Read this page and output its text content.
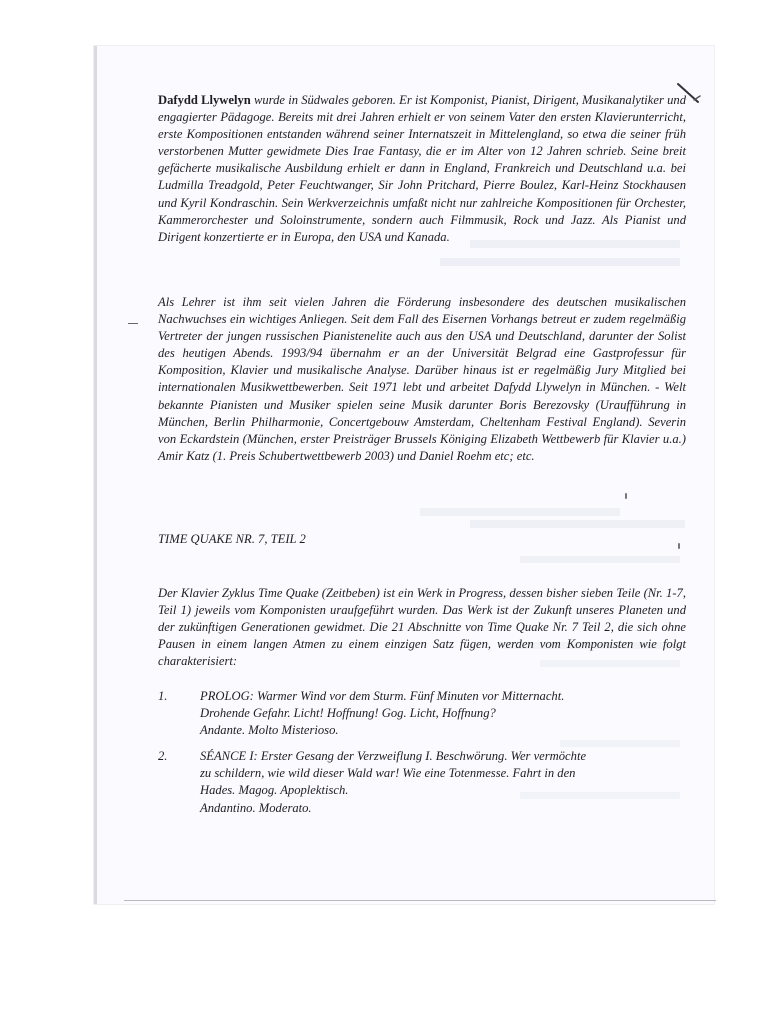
Dafydd Llywelyn wurde in Südwales geboren. Er ist Komponist, Pianist, Dirigent, Musikanalytiker und engagierter Pädagoge. Bereits mit drei Jahren erhielt er von seinem Vater den ersten Klavierunterricht, erste Kompositionen entstanden während seiner Internatszeit in Mittelengland, so etwa die seiner früh verstorbenen Mutter gewidmete Dies Irae Fantasy, die er im Alter von 12 Jahren schrieb. Seine breit gefächerte musikalische Ausbildung erhielt er dann in England, Frankreich und Deutschland u.a. bei Ludmilla Treadgold, Peter Feuchtwanger, Sir John Pritchard, Pierre Boulez, Karl-Heinz Stockhausen und Kyril Kondraschin. Sein Werkverzeichnis umfaßt nicht nur zahlreiche Kompositionen für Orchester, Kammerorchester und Soloinstrumente, sondern auch Filmmusik, Rock und Jazz. Als Pianist und Dirigent konzertierte er in Europa, den USA und Kanada.

Als Lehrer ist ihm seit vielen Jahren die Förderung insbesondere des deutschen musikalischen Nachwuchses ein wichtiges Anliegen. Seit dem Fall des Eisernen Vorhangs betreut er zudem regelmäßig Vertreter der jungen russischen Pianistenelite auch aus den USA und Deutschland, darunter der Solist des heutigen Abends. 1993/94 übernahm er an der Universität Belgrad eine Gastprofessur für Komposition, Klavier und musikalische Analyse. Darüber hinaus ist er regelmäßig Jury Mitglied bei internationalen Musikwettbewerben. Seit 1971 lebt und arbeitet Dafydd Llywelyn in München. - Welt bekannte Pianisten und Musiker spielen seine Musik darunter Boris Berezovsky (Uraufführung in München, Berlin Philharmonie, Concertgebouw Amsterdam, Cheltenham Festival England). Severin von Eckardstein (München, erster Preisträger Brussels Königing Elizabeth Wettbewerb für Klavier u.a.) Amir Katz (1. Preis Schubertwettbewerb 2003) und Daniel Roehm etc; etc.

TIME QUAKE NR. 7, TEIL 2

Der Klavier Zyklus Time Quake (Zeitbeben) ist ein Werk in Progress, dessen bisher sieben Teile (Nr. 1-7, Teil 1) jeweils vom Komponisten uraufgeführt wurden. Das Werk ist der Zukunft unseres Planeten und der zukünftigen Generationen gewidmet. Die 21 Abschnitte von Time Quake Nr. 7 Teil 2, die sich ohne Pausen in einem langen Atmen zu einem einzigen Satz fügen, werden vom Komponisten wie folgt charakterisiert:

1.	PROLOG: Warmer Wind vor dem Sturm. Fünf Minuten vor Mitternacht.
Drohende Gefahr. Licht! Hoffnung! Gog. Licht, Hoffnung?
Andante. Molto Misterioso.
2.	SÉANCE I: Erster Gesang der Verzweiflung I. Beschwörung. Wer vermöchte
zu schildern, wie wild dieser Wald war! Wie eine Totenmesse. Fahrt in den
Hades. Magog. Apoplektisch.
Andantino. Moderato.
